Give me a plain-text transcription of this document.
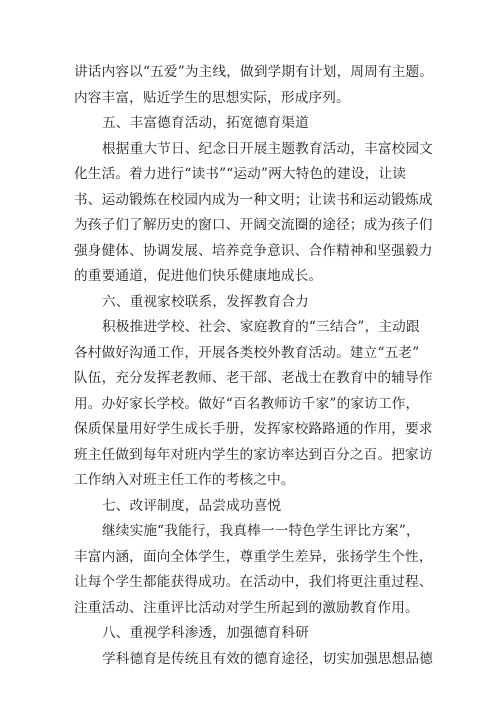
讲话内容以“五爱”为主线，做到学期有计划，周周有主题。
内容丰富，贴近学生的思想实际，形成序列。
五、丰富德育活动，拓宽德育渠道
根据重大节日、纪念日开展主题教育活动，丰富校园文
化生活。着力进行“读书”“运动”两大特色的建设，让读
书、运动锻炼在校园内成为一种文明；让读书和运动锻炼成
为孩子们了解历史的窗口、开阔交流圈的途径；成为孩子们
强身健体、协调发展、培养竞争意识、合作精神和坚强毅力
的重要通道，促进他们快乐健康地成长。
六、重视家校联系，发挥教育合力
积极推进学校、社会、家庭教育的“三结合”，主动跟
各村做好沟通工作，开展各类校外教育活动。建立“五老”
队伍，充分发挥老教师、老干部、老战士在教育中的辅导作
用。办好家长学校。做好“百名教师访千家”的家访工作，
保质保量用好学生成长手册，发挥家校路路通的作用，要求
班主任做到每年对班内学生的家访率达到百分之百。把家访
工作纳入对班主任工作的考核之中。
七、改评制度，品尝成功喜悦
继续实施“我能行，我真棒一一特色学生评比方案”，
丰富内涵，面向全体学生，尊重学生差异，张扬学生个性，
让每个学生都能获得成功。在活动中，我们将更注重过程、
注重活动、注重评比活动对学生所起到的激励教育作用。
八、重视学科渗透，加强德育科研
学科德育是传统且有效的德育途径，切实加强思想品德
